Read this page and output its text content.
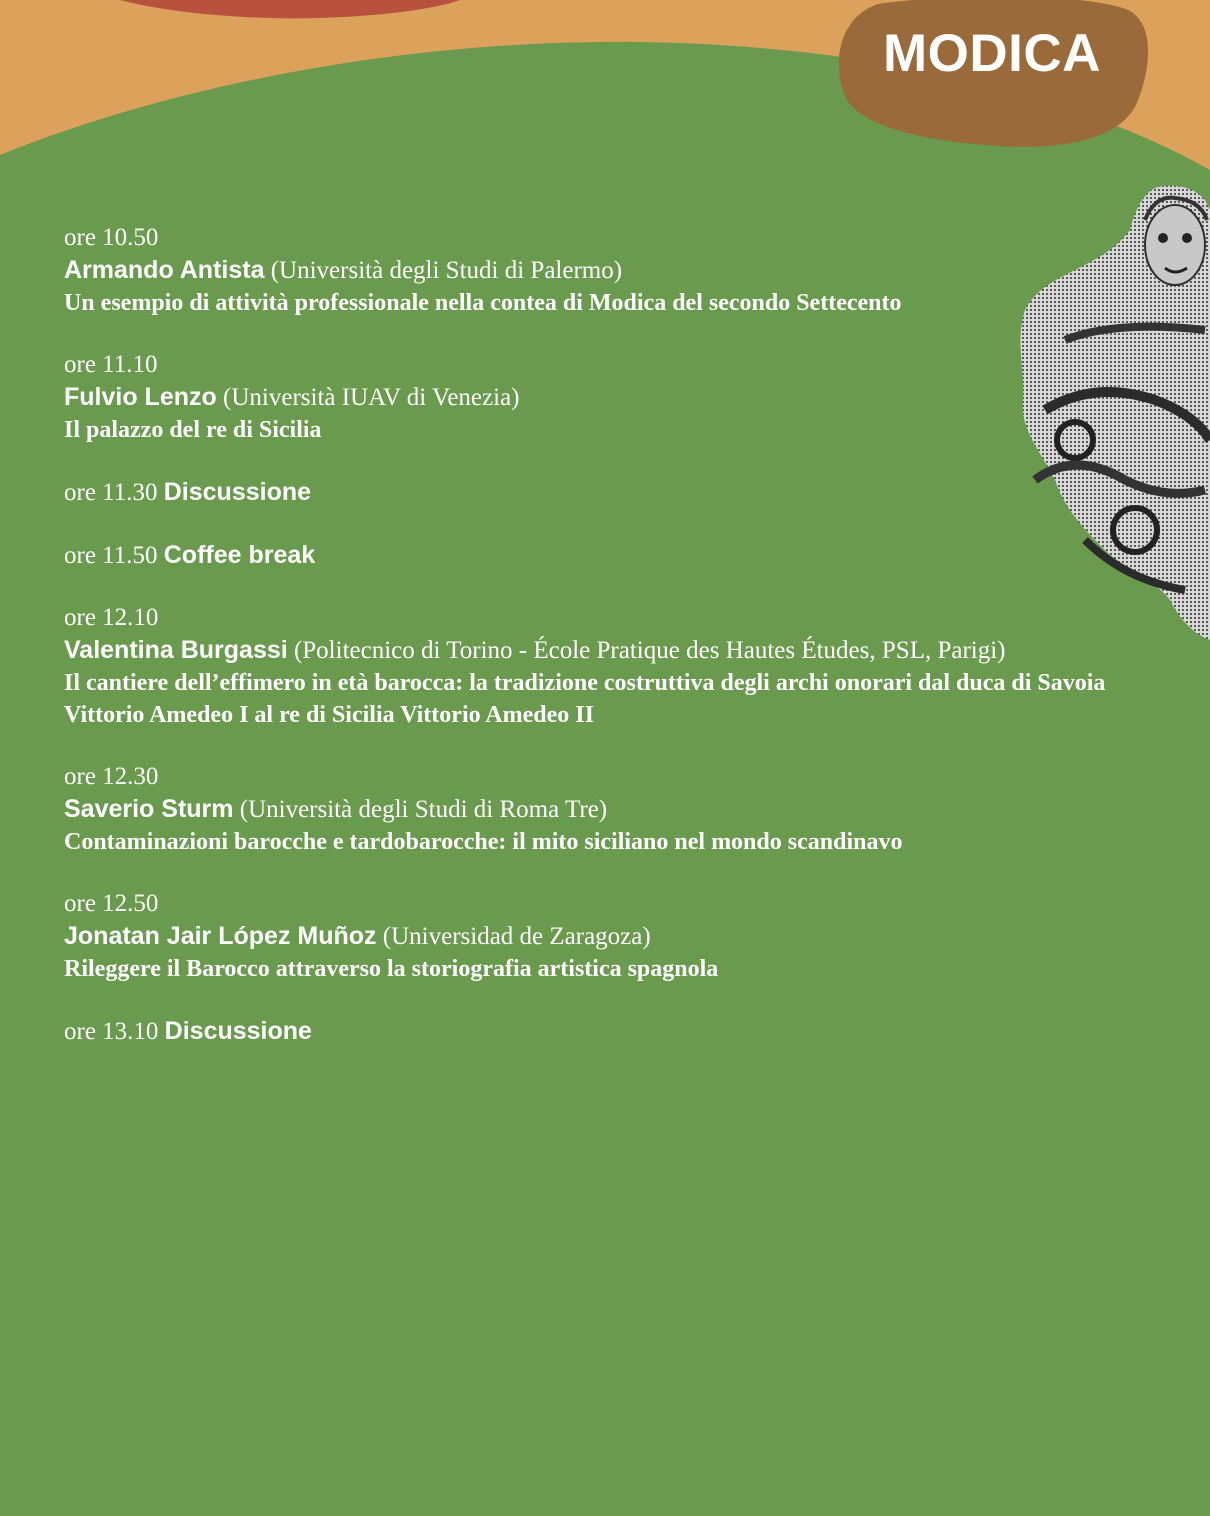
MODICA
ore 10.50
Armando Antista (Università degli Studi di Palermo)
Un esempio di attività professionale nella contea di Modica del secondo Settecento
ore 11.10
Fulvio Lenzo (Università IUAV di Venezia)
Il palazzo del re di Sicilia
ore 11.30 Discussione
ore 11.50 Coffee break
ore 12.10
Valentina Burgassi (Politecnico di Torino - École Pratique des Hautes Études, PSL, Parigi)
Il cantiere dell’effimero in età barocca: la tradizione costruttiva degli archi onorari dal duca di Savoia Vittorio Amedeo I al re di Sicilia Vittorio Amedeo II
ore 12.30
Saverio Sturm (Università degli Studi di Roma Tre)
Contaminazioni barocche e tardobarocche: il mito siciliano nel mondo scandinavo
ore 12.50
Jonatan Jair López Muñoz (Universidad de Zaragoza)
Rileggere il Barocco attraverso la storiografia artistica spagnola
ore 13.10 Discussione
